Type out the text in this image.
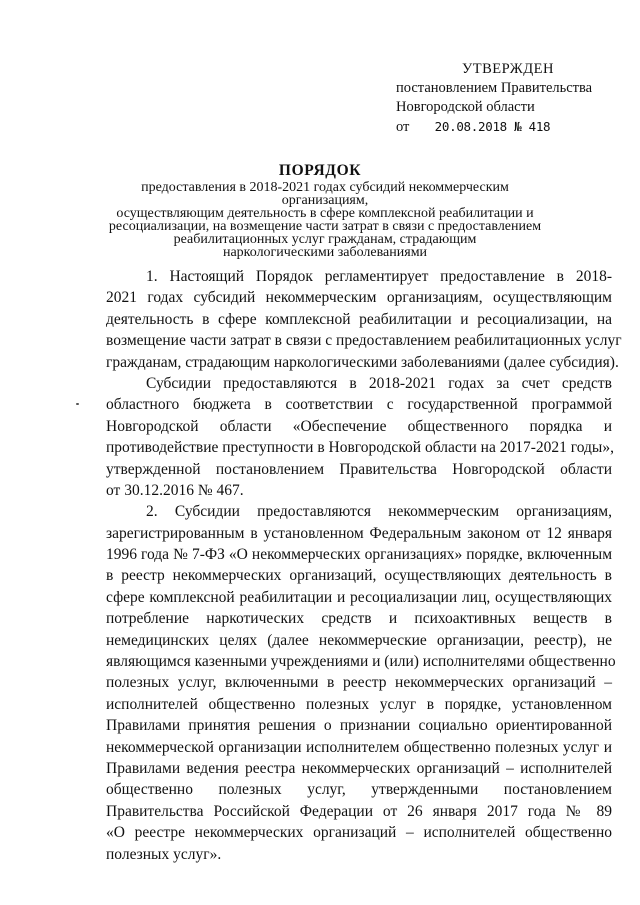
УТВЕРЖДЕН
постановлением Правительства
Новгородской области
от 20.08.2018 № 418
ПОРЯДОК
предоставления в 2018-2021 годах субсидий некоммерческим организациям,
осуществляющим деятельность в сфере комплексной реабилитации и
ресоциализации, на возмещение части затрат в связи с предоставлением
реабилитационных услуг гражданам, страдающим
наркологическими заболеваниями
1. Настоящий Порядок регламентирует предоставление в 2018-
2021 годах субсидий некоммерческим организациям, осуществляющим
деятельность в сфере комплексной реабилитации и ресоциализации, на
возмещение части затрат в связи с предоставлением реабилитационных услуг
гражданам, страдающим наркологическими заболеваниями (далее субсидия).
Субсидии предоставляются в 2018-2021 годах за счет средств
областного бюджета в соответствии с государственной программой
Новгородской области «Обеспечение общественного порядка и
противодействие преступности в Новгородской области на 2017-2021 годы»,
утвержденной постановлением Правительства Новгородской области
от 30.12.2016 № 467.
2. Субсидии предоставляются некоммерческим организациям,
зарегистрированным в установленном Федеральным законом от 12 января
1996 года № 7-ФЗ «О некоммерческих организациях» порядке, включенным
в реестр некоммерческих организаций, осуществляющих деятельность в
сфере комплексной реабилитации и ресоциализации лиц, осуществляющих
потребление наркотических средств и психоактивных веществ в
немедицинских целях (далее некоммерческие организации, реестр), не
являющимся казенными учреждениями и (или) исполнителями общественно
полезных услуг, включенными в реестр некоммерческих организаций –
исполнителей общественно полезных услуг в порядке, установленном
Правилами принятия решения о признании социально ориентированной
некоммерческой организации исполнителем общественно полезных услуг и
Правилами ведения реестра некоммерческих организаций – исполнителей
общественно полезных услуг, утвержденными постановлением
Правительства Российской Федерации от 26 января 2017 года № 89
«О реестре некоммерческих организаций – исполнителей общественно
полезных услуг».
